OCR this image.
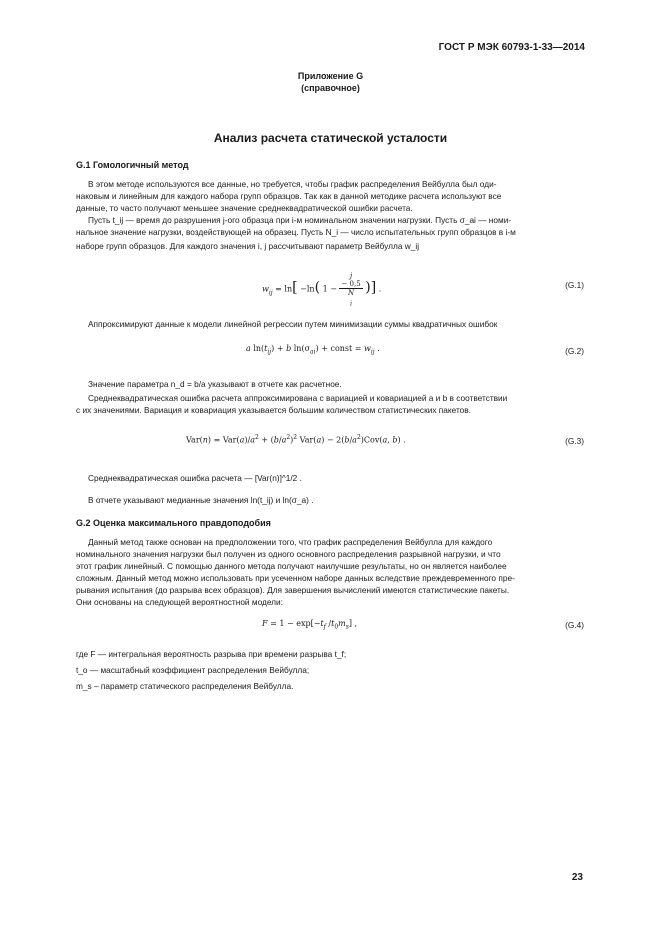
ГОСТ Р МЭК 60793-1-33—2014
Приложение G
(справочное)
Анализ расчета статической усталости
G.1 Гомологичный метод
В этом методе используются все данные, но требуется, чтобы график распределения Вейбулла был оди-
наковым и линейным для каждого набора групп образцов. Так как в данной методике расчета используют все
данные, то часто получают меньшее значение среднеквадратической ошибки расчета.
Пусть t_ij — время до разрушения j-ого образца при i-м номинальном значении нагрузки. Пусть σ_ai — номи-
нальное значение нагрузки, воздействующей на образец. Пусть N_i — число испытательных групп образцов в i-м
наборе групп образцов. Для каждого значения i, j рассчитывают параметр Вейбулла w_ij
$w_{ij} = \ln[ -\ln$( 1 − j
− 0,5
N
$_i$ )] .	(G.1)
Аппроксимируют данные к модели линейной регрессии путем минимизации суммы квадратичных ошибок
a $\ln(t_{ij}) + b$ $\ln(\sigma_{ai})$ + const = $w_{ij}$ .	(G.2)
Значение параметра n_d = b/a указывают в отчете как расчетное.
Среднеквадратическая ошибка расчета аппроксимирована с вариацией и ковариацией a и b в соответствии
с их значениями. Вариация и ковариация указывается большим количеством статистических пакетов.
$Var(n) = Var(a)/a^2 + (b/a^2)^2$ $Var(a) - 2(b/a^2)Cov(a$, b) .	(G.3)
Среднеквадратическая ошибка расчета — [Var(n)]^1/2 .
В отчете указывают медианные значения ln(t_ij) и ln(σ_a) .
G.2 Оценка максимального правдоподобия
Данный метод также основан на предположении того, что график распределения Вейбулла для каждого
номинального значения нагрузки был получен из одного основного распределения разрывной нагрузки, и что
этот график линейный. С помощью данного метода получают наилучшие результаты, но он является наиболее
сложным. Данный метод можно использовать при усеченном наборе данных вследствие преждевременного пре-
рывания испытания (до разрыва всех образцов). Для завершения вычислений имеются статистические пакеты.
Они основаны на следующей вероятностной модели:
$F = 1 - \exp[-t_f$ $/t_0m_s$] ,	(G.4)
где F — интегральная вероятность разрыва при времени разрыва t_f;
t_o — масштабный коэффициент распределения Вейбулла;
m_s – параметр статического распределения Вейбулла.
23
